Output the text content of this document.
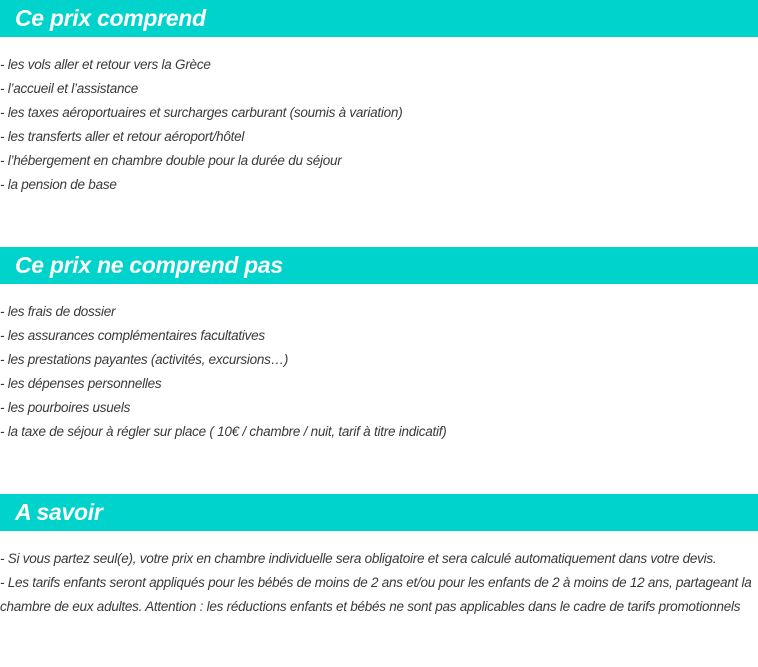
Ce prix comprend
- les vols aller et retour vers la Grèce
- l’accueil et l’assistance
- les taxes aéroportuaires et surcharges carburant (soumis à variation)
- les transferts aller et retour aéroport/hôtel
- l’hébergement en chambre double pour la durée du séjour
- la pension de base
Ce prix ne comprend pas
- les frais de dossier
- les assurances complémentaires facultatives
- les prestations payantes (activités, excursions…)
- les dépenses personnelles
- les pourboires usuels
- la taxe de séjour à régler sur place ( 10€ / chambre / nuit, tarif à titre indicatif)
A savoir

- Si vous partez seul(e), votre prix en chambre individuelle sera obligatoire et sera calculé automatiquement dans votre devis.

- Les tarifs enfants seront appliqués pour les bébés de moins de 2 ans et/ou pour les enfants de 2 à moins de 12 ans, partageant la chambre de eux adultes. Attention : les réductions enfants et bébés ne sont pas applicables dans le cadre de tarifs promotionnels
